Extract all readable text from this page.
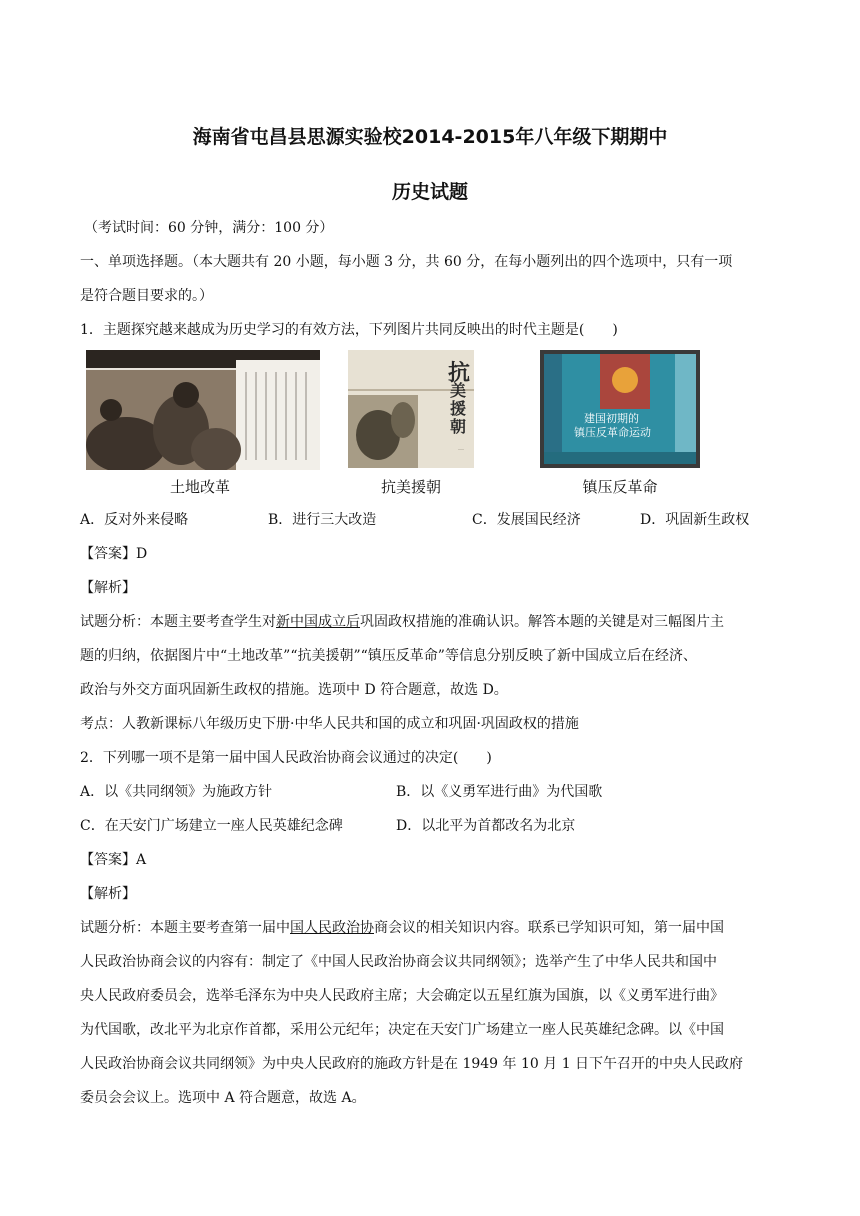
海南省屯昌县思源实验校2014-2015年八年级下期期中
历史试题
（考试时间：60 分钟，满分：100 分）
一、单项选择题。（本大题共有 20 小题，每小题 3 分，共 60 分，在每小题列出的四个选项中，只有一项
是符合题目要求的。）
1．主题探究越来越成为历史学习的有效方法，下列图片共同反映出的时代主题是(　　)
土地改革
…
抗
美援朝
抗美援朝
建国初期的
镇压反革命运动
镇压反革命
A．反对外来侵略	B．进行三大改造	C．发展国民经济	D．巩固新生政权
【答案】D
【解析】
试题分析：本题主要考查学生对新中国成立后巩固政权措施的准确认识。解答本题的关键是对三幅图片主
题的归纳，依据图片中“土地改革”“抗美援朝”“镇压反革命”等信息分别反映了新中国成立后在经济、
政治与外交方面巩固新生政权的措施。选项中 D 符合题意，故选 D。
考点：人教新课标八年级历史下册·中华人民共和国的成立和巩固·巩固政权的措施
2．下列哪一项不是第一届中国人民政治协商会议通过的决定(　　)
A．以《共同纲领》为施政方针	B．以《义勇军进行曲》为代国歌
C．在天安门广场建立一座人民英雄纪念碑	D．以北平为首都改名为北京
【答案】A
【解析】
试题分析：本题主要考查第一届中国人民政治协商会议的相关知识内容。联系已学知识可知，第一届中国
人民政治协商会议的内容有：制定了《中国人民政治协商会议共同纲领》；选举产生了中华人民共和国中
央人民政府委员会，选举毛泽东为中央人民政府主席；大会确定以五星红旗为国旗，以《义勇军进行曲》
为代国歌，改北平为北京作首都，采用公元纪年；决定在天安门广场建立一座人民英雄纪念碑。以《中国
人民政治协商会议共同纲领》为中央人民政府的施政方针是在 1949 年 10 月 1 日下午召开的中央人民政府
委员会会议上。选项中 A 符合题意，故选 A。
